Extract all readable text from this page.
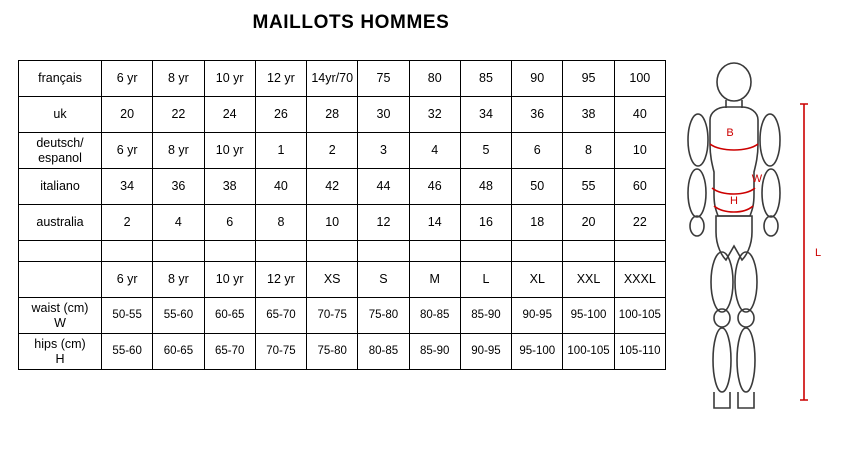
MAILLOTS HOMMES
français	6 yr	8 yr	10 yr	12 yr	14yr/70	75	80	85	90	95	100

uk	20	22	24	26	28	30	32	34	36	38	40

deutsch/
espanol	6 yr	8 yr	10 yr	1	2	3	4	5	6	8	10

italiano	34	36	38	40	42	44	46	48	50	55	60

australia	2	4	6	8	10	12	14	16	18	20	22

	6 yr	8 yr	10 yr	12 yr	XS	S	M	L	XL	XXL	XXXL

waist (cm)
W	50-55	55-60	60-65	65-70	70-75	75-80	80-85	85-90	90-95	95-100	100-105

hips (cm)
H	55-60	60-65	65-70	70-75	75-80	80-85	85-90	90-95	95-100	100-105	105-110
B
W
H
L
